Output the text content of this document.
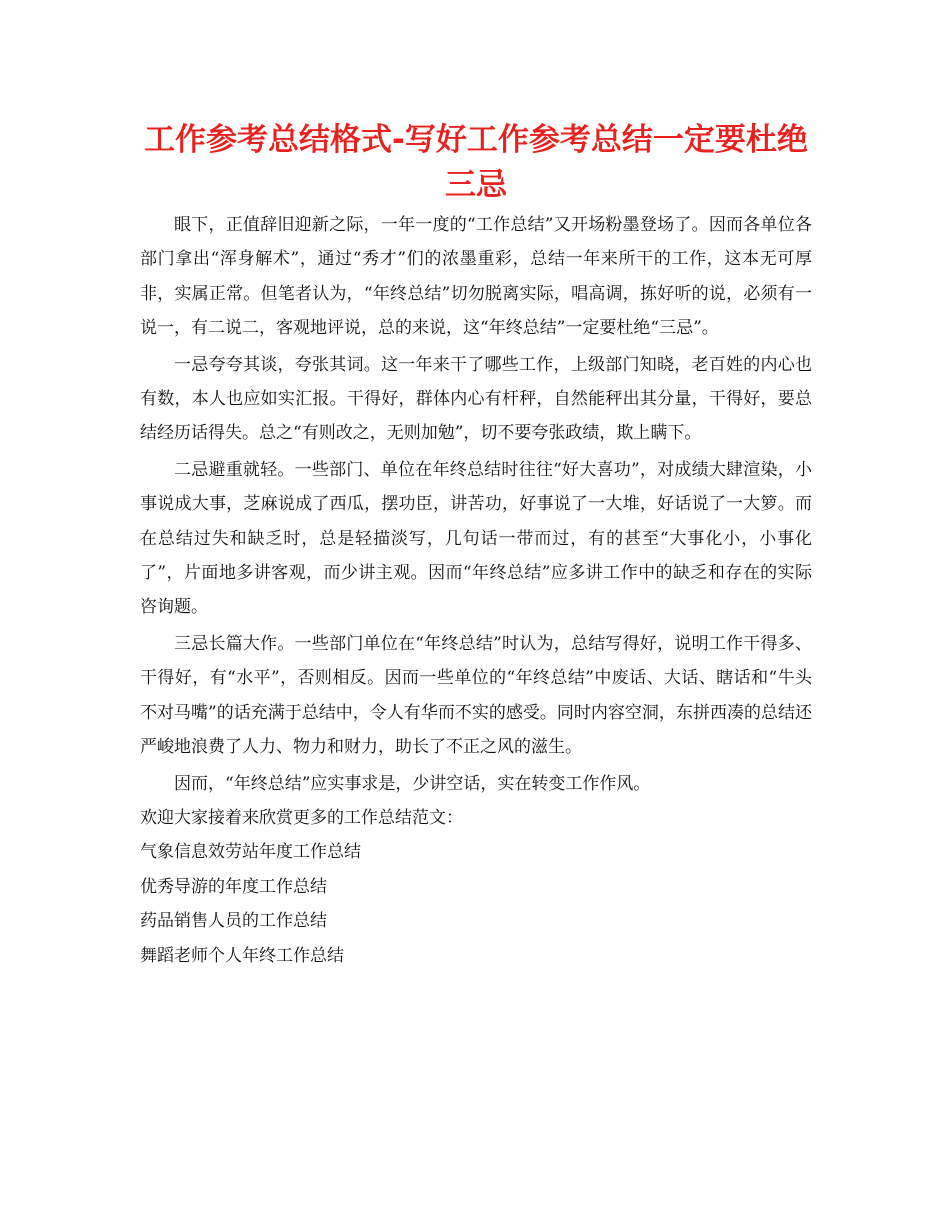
工作参考总结格式-写好工作参考总结一定要杜绝
三忌

眼下，正值辞旧迎新之际，一年一度的“工作总结”又开场粉墨登场了。因而各单位各部门拿出“浑身解术”，通过“秀才”们的浓墨重彩，总结一年来所干的工作，这本无可厚非，实属正常。但笔者认为，“年终总结”切勿脱离实际，唱高调，拣好听的说，必须有一说一，有二说二，客观地评说，总的来说，这“年终总结”一定要杜绝“三忌”。

一忌夸夸其谈，夸张其词。这一年来干了哪些工作，上级部门知晓，老百姓的内心也有数，本人也应如实汇报。干得好，群体内心有杆秤，自然能秤出其分量，干得好，要总结经历话得失。总之“有则改之，无则加勉”，切不要夸张政绩，欺上瞒下。

二忌避重就轻。一些部门、单位在年终总结时往往“好大喜功”，对成绩大肆渲染，小事说成大事，芝麻说成了西瓜，摆功臣，讲苦功，好事说了一大堆，好话说了一大箩。而在总结过失和缺乏时，总是轻描淡写，几句话一带而过，有的甚至“大事化小，小事化了”，片面地多讲客观，而少讲主观。因而“年终总结”应多讲工作中的缺乏和存在的实际咨询题。

三忌长篇大作。一些部门单位在“年终总结”时认为，总结写得好，说明工作干得多、干得好，有“水平”，否则相反。因而一些单位的“年终总结”中废话、大话、瞎话和“牛头不对马嘴”的话充满于总结中，令人有华而不实的感受。同时内容空洞，东拼西凑的总结还严峻地浪费了人力、物力和财力，助长了不正之风的滋生。

因而，“年终总结”应实事求是，少讲空话，实在转变工作作风。

欢迎大家接着来欣赏更多的工作总结范文：

气象信息效劳站年度工作总结
优秀导游的年度工作总结
药品销售人员的工作总结
舞蹈老师个人年终工作总结
